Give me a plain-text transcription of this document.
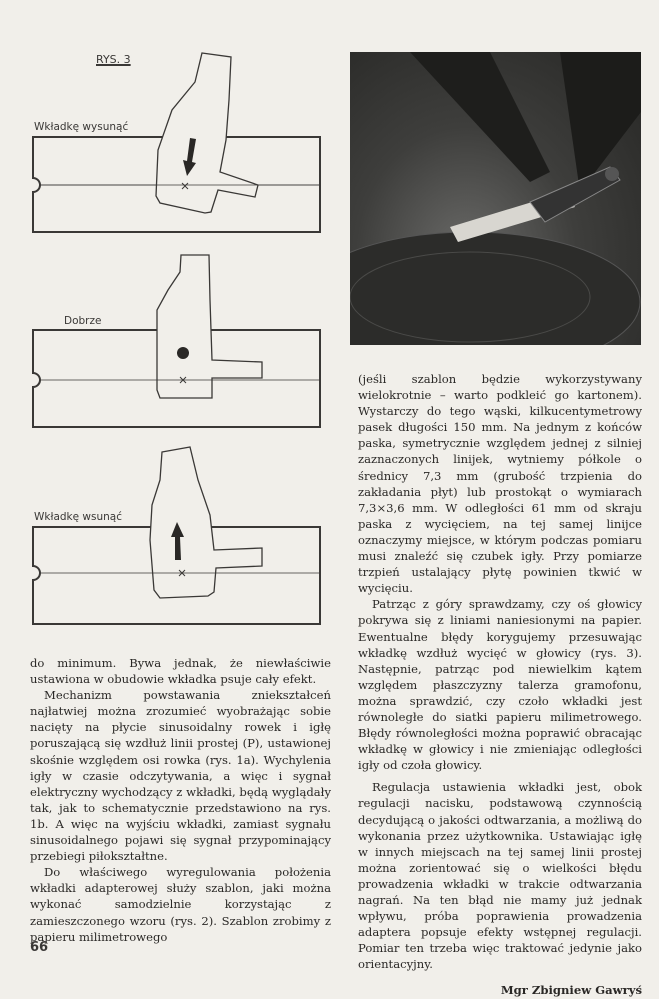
RYS. 3
Wkładkę wysunąć
Dobrze
Wkładkę wsunąć

do minimum. Bywa jednak, że niewłaściwie ustawiona w obudowie wkładka psuje cały efekt.

Mechanizm powstawania zniekształceń najłatwiej można zrozumieć wyobrażając sobie nacięty na płycie sinusoidalny rowek i igłę poruszającą się wzdłuż linii prostej (P), ustawionej skośnie względem osi rowka (rys. 1a). Wychylenia igły w czasie odczytywania, a więc i sygnał elektryczny wychodzący z wkładki, będą wyglądały tak, jak to schematycznie przedstawiono na rys. 1b. A więc na wyjściu wkładki, zamiast sygnału sinusoidalnego pojawi się sygnał przypominający przebiegi piłokształtne.

Do właściwego wyregulowania położenia wkładki adapterowej służy szablon, jaki można wykonać samodzielnie korzystając z zamieszczonego wzoru (rys. 2). Szablon zrobimy z papieru milimetrowego

(jeśli szablon będzie wykorzystywany wielokrotnie – warto podkleić go kartonem). Wystarczy do tego wąski, kilkucentymetrowy pasek długości 150 mm. Na jednym z końców paska, symetrycznie względem jednej z silniej zaznaczonych linijek, wytniemy półkole o średnicy 7,3 mm (grubość trzpienia do zakładania płyt) lub prostokąt o wymiarach 7,3×3,6 mm. W odległości 61 mm od skraju paska z wycięciem, na tej samej linijce oznaczymy miejsce, w którym podczas pomiaru musi znaleźć się czubek igły. Przy pomiarze trzpień ustalający płytę powinien tkwić w wycięciu.

Patrząc z góry sprawdzamy, czy oś głowicy pokrywa się z liniami naniesionymi na papier. Ewentualne błędy korygujemy przesuwając wkładkę wzdłuż wycięć w głowicy (rys. 3). Następnie, patrząc pod niewielkim kątem względem płaszczyzny talerza gramofonu, można sprawdzić, czy czoło wkładki jest równoległe do siatki papieru milimetrowego. Błędy równoległości można poprawić obracając wkładkę w głowicy i nie zmieniając odległości igły od czoła głowicy.

Regulacja ustawienia wkładki jest, obok regulacji nacisku, podstawową czynnością decydującą o jakości odtwarzania, a możliwą do wykonania przez użytkownika. Ustawiając igłę w innych miejscach na tej samej linii prostej można zorientować się o wielkości błędu prowadzenia wkładki w trakcie odtwarzania nagrań. Na ten błąd nie mamy już jednak wpływu, próba poprawienia prowadzenia adaptera popsuje efekty wstępnej regulacji. Pomiar ten trzeba więc traktować jedynie jako orientacyjny.

Mgr Zbigniew Gawryś
66
